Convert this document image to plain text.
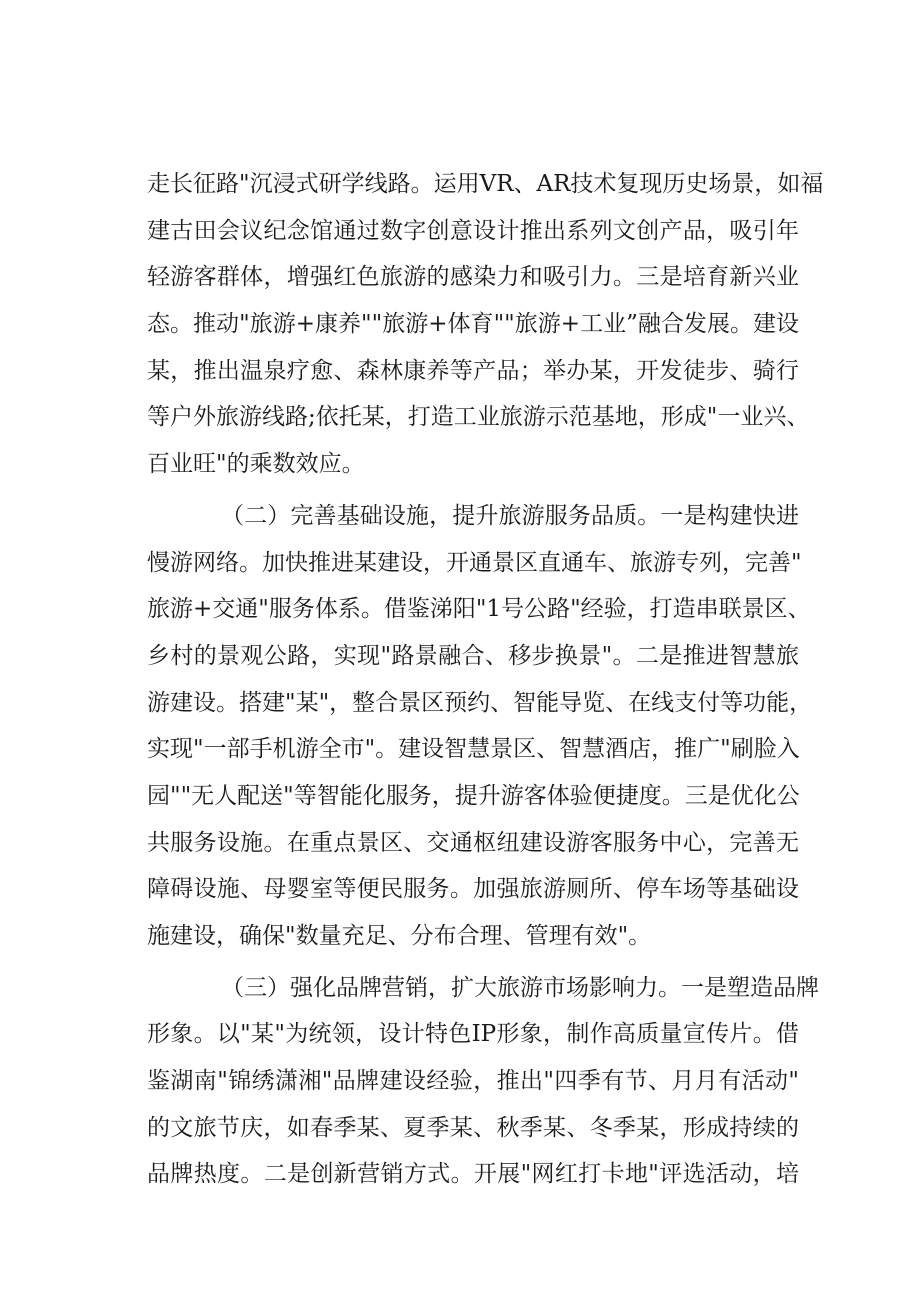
走长征路"沉浸式研学线路。运用VR、AR技术复现历史场景，如福
建古田会议纪念馆通过数字创意设计推出系列文创产品，吸引年
轻游客群体，增强红色旅游的感染力和吸引力。三是培育新兴业
态。推动"旅游+康养""旅游+体育""旅游+工业”融合发展。建设
某，推出温泉疗愈、森林康养等产品；举办某，开发徒步、骑行
等户外旅游线路;依托某，打造工业旅游示范基地，形成"一业兴、
百业旺"的乘数效应。
（二）完善基础设施，提升旅游服务品质。一是构建快进
慢游网络。加快推进某建设，开通景区直通车、旅游专列，完善"
旅游+交通"服务体系。借鉴涕阳"1号公路"经验，打造串联景区、
乡村的景观公路，实现"路景融合、移步换景"。二是推进智慧旅
游建设。搭建"某"，整合景区预约、智能导览、在线支付等功能，
实现"一部手机游全市"。建设智慧景区、智慧酒店，推广"刷脸入
园""无人配送"等智能化服务，提升游客体验便捷度。三是优化公
共服务设施。在重点景区、交通枢纽建设游客服务中心，完善无
障碍设施、母婴室等便民服务。加强旅游厕所、停车场等基础设
施建设，确保"数量充足、分布合理、管理有效"。
（三）强化品牌营销，扩大旅游市场影响力。一是塑造品牌
形象。以"某"为统领，设计特色IP形象，制作高质量宣传片。借
鉴湖南"锦绣潇湘"品牌建设经验，推出"四季有节、月月有活动"
的文旅节庆，如春季某、夏季某、秋季某、冬季某，形成持续的
品牌热度。二是创新营销方式。开展"网红打卡地"评选活动，培
